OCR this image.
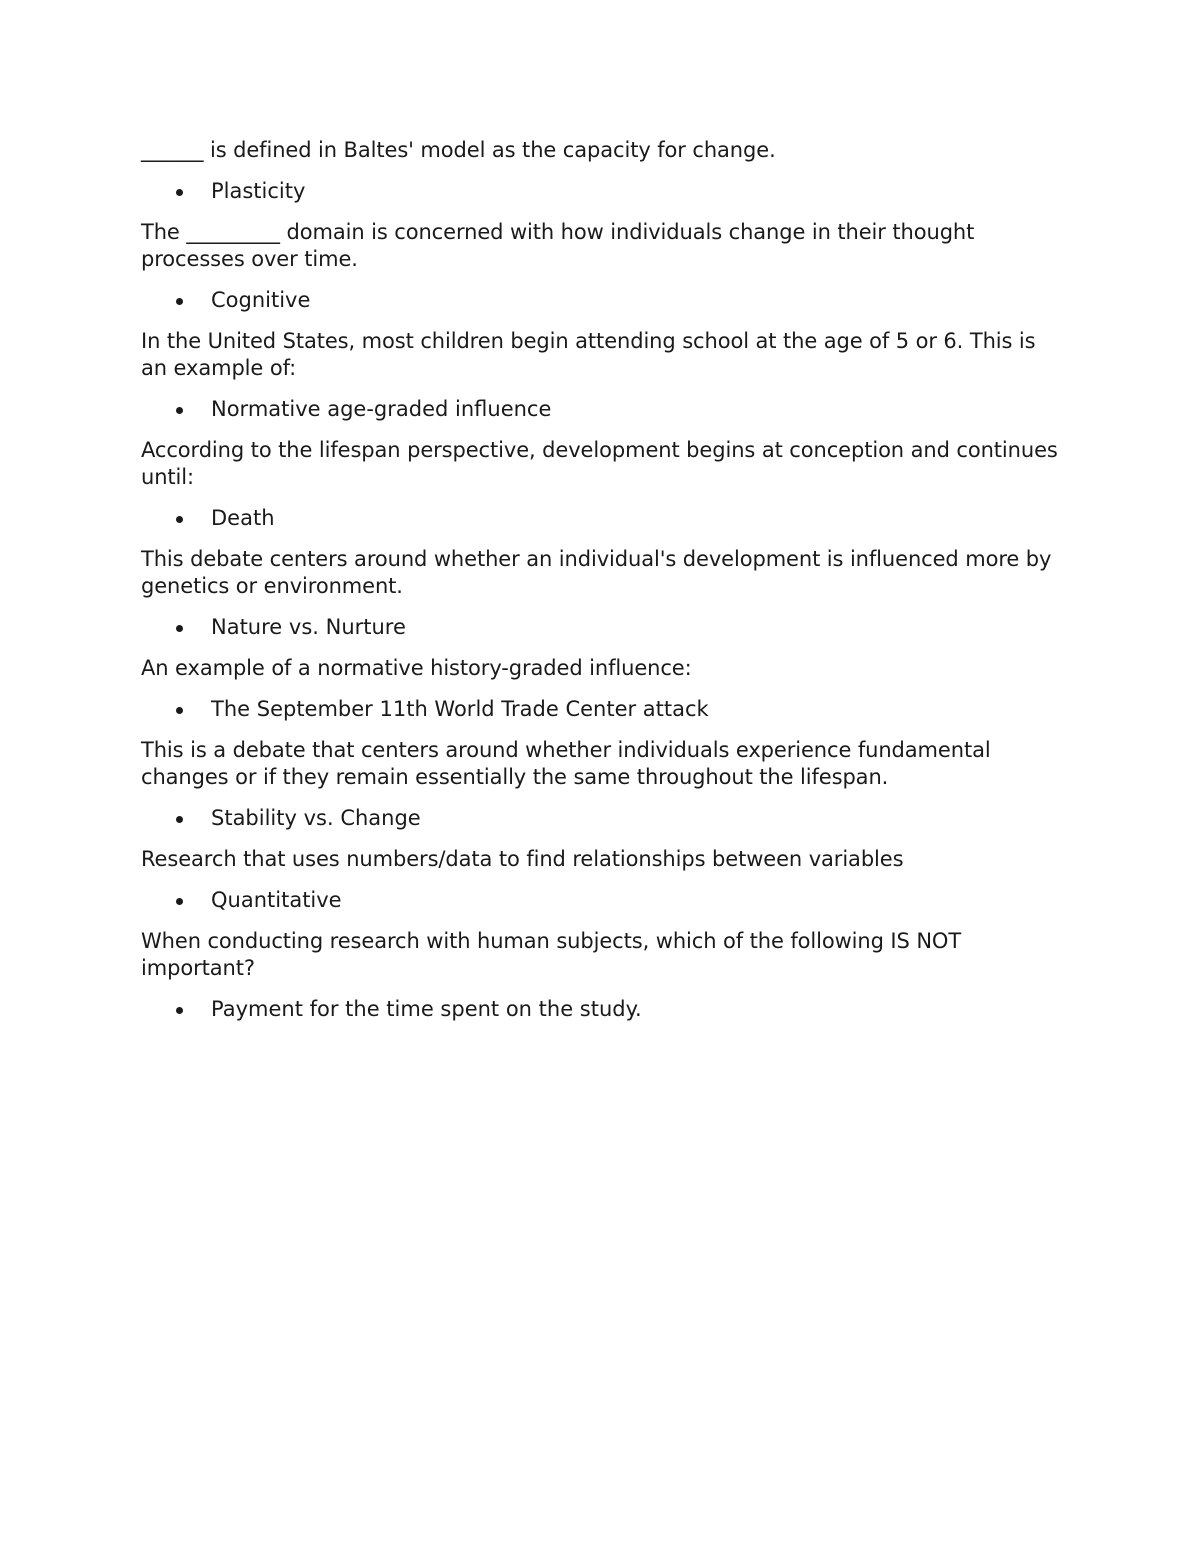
______ is defined in Baltes' model as the capacity for change.

Plasticity

The _________ domain is concerned with how individuals change in their thought processes over time.

Cognitive

In the United States, most children begin attending school at the age of 5 or 6. This is an example of:

Normative age-graded influence

According to the lifespan perspective, development begins at conception and continues until:

Death

This debate centers around whether an individual's development is influenced more by genetics or environment.

Nature vs. Nurture

An example of a normative history-graded influence:

The September 11th World Trade Center attack

This is a debate that centers around whether individuals experience fundamental changes or if they remain essentially the same throughout the lifespan.

Stability vs. Change

Research that uses numbers/data to find relationships between variables

Quantitative

When conducting research with human subjects, which of the following IS NOT important?

Payment for the time spent on the study.
